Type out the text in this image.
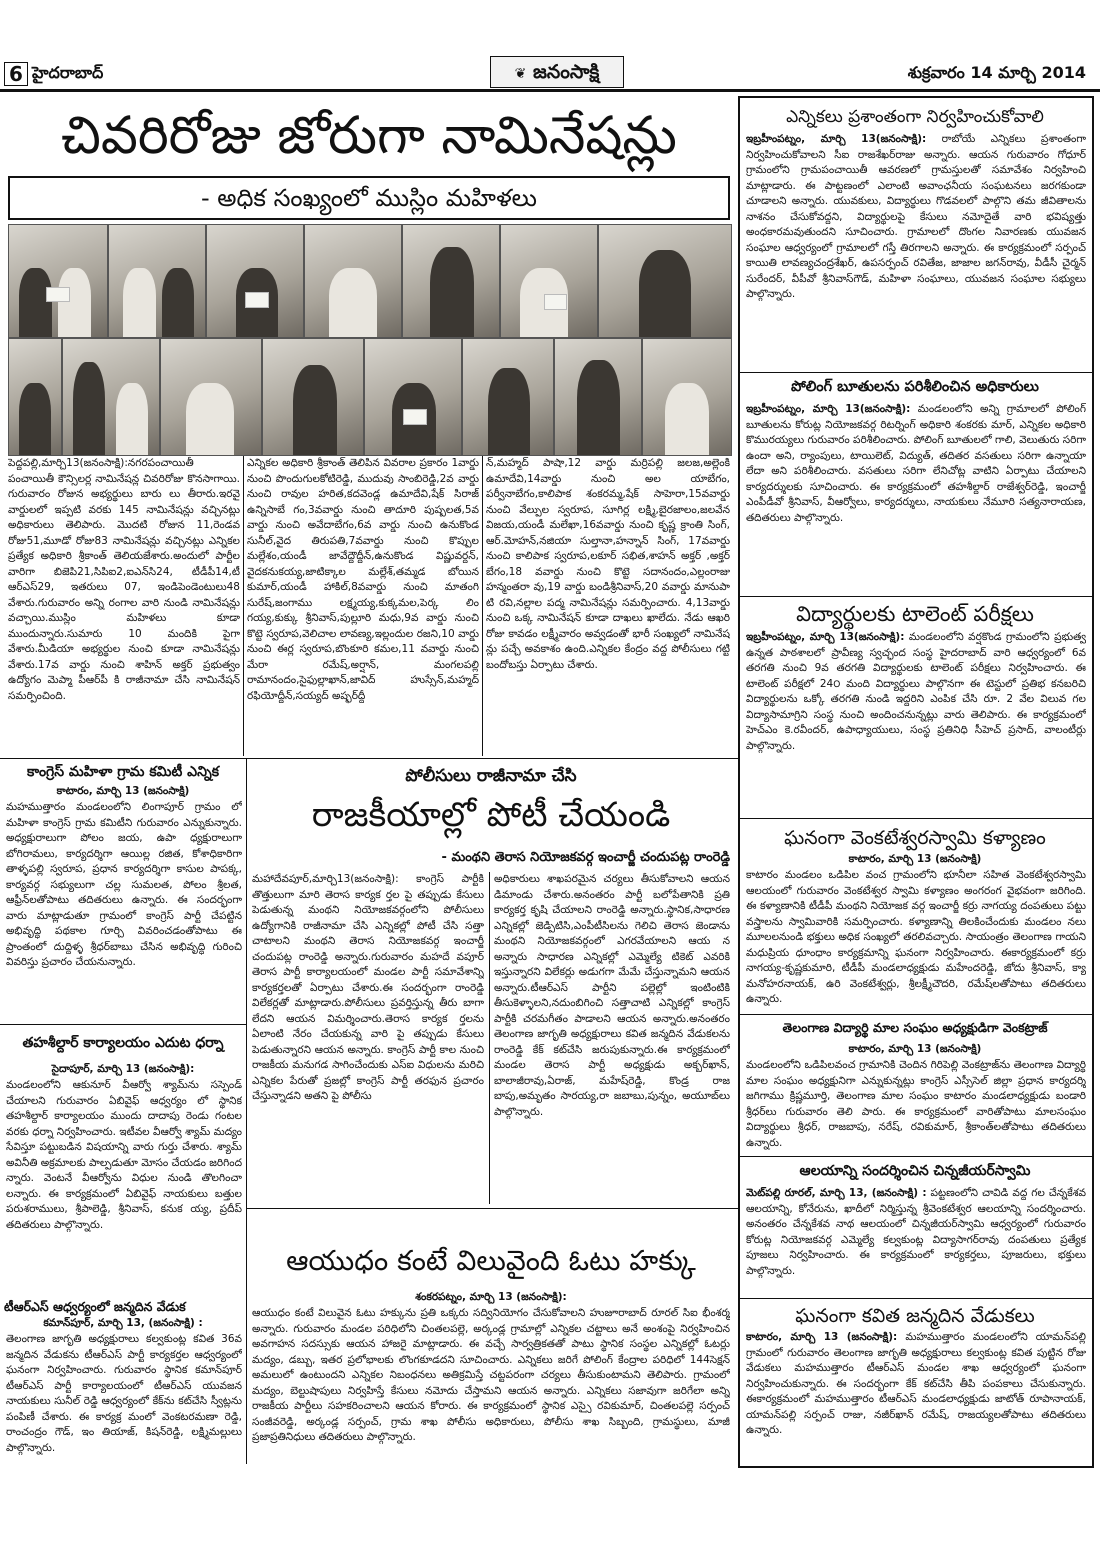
6 హైదరాబాద్	❦ జనంసాక్షి	శుక్రవారం 14 మార్చి 2014
చివరిరోజు జోరుగా నామినేషన్లు
- అధిక సంఖ్యంలో ముస్లిం మహిళలు
పెద్దపల్లి,మార్చి13(జనంసాక్షి):నగరపంచాయితీ పంచాయితీ కౌన్సిలర్ల నామినేషన్ల చివరిరోజు కొనసాగాయి. గురువారం రోజున అభ్యర్థులు బారు లు తీరారు.ఇరవై వార్డులలో ఇప్పటి వరకు 145 నామినేషన్లు వచ్చినట్లు అధికారులు తెలిపారు. మొదటి రోజున 11,రెండవ రోజు51,మూడో రోజు83 నామినేషన్లు వచ్చినట్లు ఎన్నికల ప్రత్యేక అధికారి శ్రీకాంత్ తెలియజేశారు.అందులో పార్టీల వారిగా బిజెపి21,సిపిఐ2,ఐఎన్‌సి24, టీడీపీ14,టీ ఆర్ఎస్29, ఇతరులు 07, ఇండిపెండెంటులు48 వేశారు.గురువారం అన్ని రంగాల వారి నుండి నామినేషన్లు వచ్చాయి.ముస్లిం మహిళలు కూడా ముందున్నారు.సుమారు 10 మందికి పైగా వేశారు.మీడియా అభ్యర్థుల నుంచి కూడా నామినేషన్లు వేశారు.17వ వార్డు నుంచి శాహిన్ అక్తర్ ప్రభుత్వం ఉద్యోగం మెప్మా పీఆర్‌పీ కి రాజీనామా చేసి నామినేషన్ సమర్పించింది.
ఎన్నికల అధికారి శ్రీకాంత్ తెలిపిన వివరాల ప్రకారం 1వార్డు నుంచి పొందుగులకోటిరెడ్డి, ముదువు సాంబిరెడ్డి,2వ వార్డు నుంచి రావుల హరిత,కదవెండ్ల ఉమాదేవి,షేక్ సిరాజ్ ఉన్నిసాబే గం,3వవార్డు నుంచి తాదూరి పుష్పలత,5వ వార్డు నుంచి అవేదాబేగం,6వ వార్డు నుంచి ఉనుకొండ సునీల్,వైద తిరుపతి,7వవార్డు నుంచి కొప్పుల మల్లేశం,యండీ జావేద్దౌద్దీన్,ఉనుకొండ విష్ణువర్దన్, వైదకనుకయ్య,జాటిక్కాల మల్లేశ్,తమ్మడ బోయిన కుమార్,యండీ హాకిల్,8వవార్డు నుంచి మాతంగి సురేష్,జంగాము లక్ష్మయ్య,కుక్కమల,పెర్క లిం గయ్య,కుక్కు శ్రీనివాస్,పుల్లూరి మధు,9వ వార్డు నుంచి కొట్టె స్వరూప,వెలిచాల లావణ్య,ఇల్లందుల రజని,10 వార్డు నుంచి ఈర్ల స్వరూప,బొంకూరి కమల,11 వవార్డు నుంచి మేరా రమేష్,అర్షాన్, మంగలపల్లి రామానందం,సైఫుల్లాఖాన్,జావిద్ హుస్సేన్,మహ్మద్ రఫియోద్దీన్,సయ్యద్ అష్ఫర్‌ద్దీ
న్,మహ్మద్ పాషా,12 వార్డు మర్రిపల్లి జలజ,అల్లెంకి ఉమాదేవి,14వార్డు నుంచి అల యాబేగం, పర్వీనాబేగం,కాలిపాక శంకరమ్మ,షేక్ సాహెరా,15వవార్డు నుంచి వేల్పుల స్వరూప, సూగిర్ల లక్ష్మి,బైరజాలం,జలవేన విజయ,యండీ మలేఖా,16వవార్డు నుంచి కృష్ణ క్రాంతి సింగ్, ఆర్.మోహన్,నజియా సుల్తానా,హన్నాన్ సింగ్, 17వవార్డు నుంచి కాలిపాక స్వరూప,లకూర్ సభిత,శాహన్ అక్తర్ ,అక్తర్ బేగం,18 వవార్డు నుంచి కొట్టె సదానందం,ఎల్లంరాజు హన్మంతరా వు,19 వార్డు బండిశ్రీనివాస్,20 వవార్డు మానుపా టి రవి,నల్లాల పద్మ నామినేషన్లు సమర్పించారు. 4,13వార్డు నుంచి ఒక్క నామినేషన్ కూడా దాఖలు ఖాలేదు. నేడు ఆఖరి రోజు కావడం లక్ష్మీవారం అవ్వడంతో భారీ సంఖ్యలో నామినేష న్లు పచ్చే అవకాశం ఉంది.ఎన్నికల కేంద్రం వద్ద పోలీసులు గట్టి బందోబస్తు ఏర్పాటు చేశారు.
కాంగ్రెస్ మహిళా గ్రామ కమిటీ ఎన్నిక
కాటారం, మార్చి 13 (జనంసాక్షి)
మహముత్తారం మండలంలోని లింగాపూర్ గ్రామం లో మహిళా కాంగ్రెస్ గ్రామ కమిటీని గురువారం ఎన్నుకున్నారు. అధ్యక్షురాలుగా పోలం జయ, ఉపా ధ్యక్షురాలుగా బోగిరామలు, కార్యదర్శిగా ఆయిల్ల రజిత, కోశాధికారిగా తాళ్ళపల్లి స్వరూప, ప్రధాన కార్యదర్శిగా కాసుల పాపక్క, కార్యవర్గ సభ్యులుగా చల్ల సుమలత, పోలం శ్రీలత, ఆఫ్రీన్‌లతోపాటు తదితరులు ఉన్నారు. ఈ సందర్భంగా వారు మాట్లాడుతూ గ్రామంలో కాంగ్రెస్ పార్టీ చేపట్టిన అభివృద్ధి పథకాల గూర్చి వివరించడంతోపాటు ఈ ప్రాంతంలో దుద్దిళ్ళ శ్రీధర్‌బాబు చేసిన అభివృద్ధి గురించి వివరిస్తు ప్రచారం చేయనున్నారు.
తహశీల్దార్ కార్యాలయం ఎదుట ధర్నా
సైదాపూర్, మార్చి 13 (జనంసాక్షి):
మండలంలోని ఆకునూర్ వీఆర్వో శ్యామ్‌ను సస్పెండ్ చేయాలని గురువారం ఏబివైఫ్ ఆధ్వర్యం లో స్థానిక తహశీల్దార్ కార్యాలయం ముందు దాదాపు రెండు గంటల వరకు ధర్నా నిర్వహించారు. ఇటీవల వీఆర్వో శ్యామ్ మద్యం సేవిస్తూ పట్టుబడిన విషయాన్ని వారు గుర్తు చేశారు. శ్యామ్ అవినీతి అక్రమాలకు పాల్పడుతూ మోసం చేయడం జరిగింద న్నారు. వెంటనే వీఆర్వోను విధుల నుండి తొలగించా లన్నారు. ఈ కార్యక్రమంలో ఏబివైఫ్ నాయకులు బత్తుల పరుశరాములు, శ్రీపాలెడ్డి, శ్రీనివాస్, కనుక య్య, ప్రదీప్ తదితరులు పాల్గొన్నారు.
టీఆర్ఎస్ ఆధ్వర్యంలో జన్మదిన వేడుక
కమాన్‌పూర్, మార్చి 13, (జనంసాక్షి) :
తెలంగాణ జాగృతి అధ్యక్షురాలు కల్వకుంట్ల కవిత 36వ జన్మదిన వేడుకను టీఆర్ఎస్ పార్టీ కార్యకర్తల ఆధ్వర్యంలో ఘనంగా నిర్వహించారు. గురువారం స్థానిక కమాన్‌పూర్ టీఆర్ఎస్ పార్టీ కార్యాలయంలో టీఆర్ఎస్ యువజన నాయకులు సునీల్ రెడ్డి ఆధ్వర్యంలో కేక్‌ను కట్‌చేసి స్వీట్లను పంపిణీ చేశారు. ఈ కార్యక్ర మంలో వెంకటరమణా రెడ్డి, రాంచంద్రం గౌడ్, ఇం తియాజ్, కిషన్‌రెడ్డి, లక్ష్మిమల్లులు పాల్గొన్నారు.
పోలీసులు రాజీనామా చేసి
రాజకీయాల్లో పోటీ చేయండి
- మంథని తెరాస నియోజకవర్గ ఇంచార్జీ చందుపట్ల రాంరెడ్డి
మహాదేవపూర్,మార్చి13(జనంసాక్షి): కాంగ్రెస్ పార్టీకి తొత్తులుగా మారి తెరాస కార్యక ర్తల పై తప్పుడు కేసులు పెడుతున్న మంథని నియోజకవర్గంలోని పోలీసులు ఉద్యోగానికి రాజీనామా చేసి ఎన్నికల్లో పోటీ చేసి సత్తా చాటాలని మంథని తెరాస నియోజకవర్గ ఇంచార్జీ చందుపట్ల రాంరెడ్డి అన్నారు.గురువారం మహదే వపూర్ తెరాస పార్టీ కార్యాలయంలో మండల పార్టీ సమావేశాన్ని కార్యకర్తలతో ఏర్పాటు చేశారు.ఈ సందర్భంగా రాంరెడ్డి విలేకర్లతో మాట్లాడారు.పోలీసులు ప్రవర్తిస్తున్న తీరు బాగా లేదని ఆయన విమర్శించారు.తెరాస కార్యక ర్తలను ఏలాంటి నేరం చేయకున్న వారి పై తప్పుడు కేసులు పెడుతున్నారని ఆయన అన్నారు. కాంగ్రెస్ పార్టీ కాల నుంచి రాజకీయ మనుగడ సాగించేందుకు ఎస్ఐ విధులను మరిచి ఎన్నికల పేరుతో ప్రజల్లో కాంగ్రెస్ పార్టీ తరఫున ప్రచారం చేస్తున్నాడని అతని పై పోలీసు
అధికారులు శాఖపరమైన చర్యలు తీసుకోవాలని ఆయన డిమాండు చేశారు.అనంతరం పార్టీ బలోపేతానికి ప్రతి కార్యకర్త కృషి చేయాలని రాంరెడ్డి అన్నారు.స్థానిక,సాధారణ ఎన్నికల్లో జెడ్పిటిసి,ఎంపీటీసిలను గెలిచి తెరాస జెండాను మంథని నియోజకవర్గంలో ఎగరవేయాలని ఆయ న అన్నారు సాధారణ ఎన్నికల్లో ఎమ్మెల్యే టికెట్ ఎవరికి ఇస్తున్నారని విలేకర్లు అడుగగా మేమే చేస్తున్నామని ఆయన అన్నారు.టీఆర్ఎస్ పార్టీని పల్లెల్లో ఇంటింటికి తీసుకెళ్ళాలని,నదుంబిగించి సత్తాచాటి ఎన్నికల్లో కాంగ్రెస్ పార్టీకి చరమగీతం పాడాలని ఆయన అన్నారు.అనంతరం తెలంగాణ జాగృతి అధ్యక్షురాలు కవిత జన్మదిన వేడుకలను రాంరెడ్డి కేక్ కట్‌చేసి జరుపుకున్నారు.ఈ కార్యక్రమంలో మండల తెరాస పార్టీ అధ్యక్షుడు అక్బర్‌ఖాన్, బాలాజీరావు,ఏరాజ్, మహేష్‌రెడ్డి, కొండ్ర రాజ బాపు,అమృతం సారయ్య,రా జబాబు,పున్నం, అయూబ్‌లు పాల్గొన్నారు.
ఆయుధం కంటే విలువైంది ఓటు హక్కు
శంకరపట్నం, మార్చి 13 (జనంసాక్షి):
ఆయుధం కంటే విలువైన ఓటు హక్కును ప్రతి ఒక్కరు సద్వినియోగం చేసుకోవాలని హుజూరాబాద్ రూరల్ సిఐ భీంశర్మ అన్నారు. గురువారం మండల పరిధిలోని చింతలపల్లె, అర్కండ్ల గ్రామాల్లో ఎన్నికల చట్టాలు అనే అంశంపై నిర్వహించిన అవగాహన సదస్సుకు ఆయన హాజరై మాట్లాడారు. ఈ వచ్చే సార్వత్రికతతో పాటు స్థానిక సంస్థల ఎన్నికల్లో ఓటర్లు మద్యం, డబ్బు, ఇతర ప్రలోభాలకు లొంగకూడదని సూచించారు. ఎన్నికలు జరిగే పోలింగ్ కేంద్రాల పరిధిలో 144సెక్షన్ అమలులో ఉంటుందని ఎన్నికల నిబంధనలు అతిక్రమిస్తే చట్టపరంగా చర్యలు తీసుకుంటామని తెలిపారు. గ్రామంలో మద్యం, బెల్టుషాపులు నిర్వహిస్తే కేసులు నమోదు చేస్తామని ఆయన అన్నారు. ఎన్నికలు సజావుగా జరిగేలా అన్ని రాజకీయ పార్టీలు సహకరించాలని ఆయన కోరారు. ఈ కార్యక్రమంలో స్థానిక ఎస్సై రవికుమార్, చింతలపల్లె సర్పంచ్ సంజీవరెడ్డి, అర్కండ్ల సర్పంచ్, గ్రామ శాఖ పోలీసు అధికారులు, పోలీసు శాఖ సిబ్బంది, గ్రామస్థులు, మాజీ ప్రజాప్రతినిధులు తదితరులు పాల్గొన్నారు.
ఎన్నికలు ప్రశాంతంగా నిర్వహించుకోవాలి
ఇబ్రహీంపట్నం, మార్చి 13(జనంసాక్షి): రాబోయే ఎన్నికలు ప్రశాంతంగా నిర్వహించుకోవాలని సీఐ రాజశేఖర్‌రాజు అన్నారు. ఆయన గురువారం గోధూర్ గ్రామంలోని గ్రామపంచాయితీ ఆవరణలో గ్రామస్తులతో సమావేశం నిర్వహించి మాట్లాడారు. ఈ పాట్టణంలో ఎలాంటి అవాంఛనీయ సంఘటనలు జరగకుండా చూడాలని అన్నారు. యువకులు, విద్యార్థులు గొడవలలో పాల్గొని తమ జీవితాలను నాశనం చేసుకోవద్దని, విద్యార్థులపై కేసులు నమోదైతే వారి భవిష్యత్తు అంధకారమవుతుందని సూచించారు. గ్రామాలలో దొంగల నివారణకు యువజన సంఘాల ఆధ్వర్యంలో గ్రామాలలో గస్తీ తిరగాలని అన్నారు. ఈ కార్యక్రమంలో సర్పంచ్ కాయితి లావణ్యచంద్రశేఖర్, ఉపసర్పంచ్ రవితేజ, జాజాల జగన్‌రావు, వీడీసీ చైర్మన్ సురేందర్, వీపీవో శ్రీనివాస్‌గౌడ్, మహిళా సంఘాలు, యువజన సంఘాల సభ్యులు పాల్గొన్నారు.
పోలింగ్ బూతులను పరిశీలించిన అధికారులు
ఇబ్రహీంపట్నం, మార్చి 13(జనంసాక్షి): మండలంలోని అన్ని గ్రామాలలో పోలింగ్ బూతులను కోరుట్ల నియోజకవర్గ రిటర్నింగ్ అధికారి శంకరకు మార్, ఎన్నికల అధికారి కొమురయ్యలు గురువారం పరిశీలించారు. పోలింగ్ బూతులలో గాలి, వెలుతురు సరిగా ఉందా అని, ర్యాంపులు, టాయిలెట్, విద్యుత్, తదితర వసతులు సరిగా ఉన్నాయా లేదా అని పరిశీలించారు. వసతులు సరిగా లేనిచోట్ల వాటిని ఏర్పాటు చేయాలని కార్యదర్శులకు సూచించారు. ఈ కార్యక్రమంలో తహశీల్దార్ రాజేశ్వర్‌రెడ్డి, ఇంచార్జీ ఎంపీడీవో శ్రీనివాస్, వీఆర్వోలు, కార్యదర్శులు, నాయకులు నేమూరి సత్యనారాయణ, తదితరులు పాల్గొన్నారు.
విద్యార్థులకు టాలెంట్ పరీక్షలు
ఇబ్రహీంపట్నం, మార్చి 13(జనంసాక్షి): మండలంలోని వర్షకొండ గ్రామంలోని ప్రభుత్వ ఉన్నత పాఠశాలలో ప్రావీణ్య స్వచ్ఛంద సంస్థ హైదరాబాద్ వారి ఆధ్వర్యంలో 6వ తరగతి నుంచి 9వ తరగతి విద్యార్థులకు టాలెంట్ పరీక్షలు నిర్వహించారు. ఈ టాలెంట్ పరీక్షలో 24౦ మంది విద్యార్థులు పాల్గొనగా ఈ టెస్టులో ప్రతిభ కనబరిచి విద్యార్థులను ఒక్కో తరగతి నుండి ఇద్దరిని ఎంపిక చేసి రూ. 2 వేల విలువ గల విద్యాసామాగ్రిని సంస్థ నుంచి అందించనున్నట్లు వారు తెలిపారు. ఈ కార్యక్రమంలో హెచ్ఎం కె.రవీందర్, ఉపాధ్యాయులు, సంస్థ ప్రతినిధి సీహెచ్ ప్రసాద్, వాలంటీర్లు పాల్గొన్నారు.
ఘనంగా వెంకటేశ్వరస్వామి కళ్యాణం
కాటారం, మార్చి 13 (జనంసాక్షి)
కాటారం మండలం ఒడిపిల వంచ గ్రామంలోని భూనీలా సహిత వెంకటేశ్వరస్వామి ఆలయంలో గురువారం వెంకటేశ్వర స్వామి కళ్యాణం అంగరంగ వైభవంగా జరిగింది. ఈ కళ్యాణానికి టీడీపీ మంథని నియోజక వర్గ ఇంచార్జీ కర్రు నాగయ్య దంపతులు పట్టు వస్త్రాలను స్వామివారికి సమర్పించారు. కళ్యాణాన్ని తిలకించేందుకు మండలం నలు మూలలనుండి భక్తులు అధిక సంఖ్యలో తరలివచ్చారు. సాయంత్రం తెలంగాణ గాయని మధుప్రియ ధూంధాం కార్యక్రమాన్ని ఘనంగా నిర్వహించారు. ఈకార్యక్రమంలో కర్రు నాగయ్య-కృష్ణకుమారి, టీడీపీ మండలాధ్యక్షుడు మహేందరెడ్డి, జోదు శ్రీనివాస్, క్యా మనోహరనాయక్, ఉరి వెంకటేశ్వర్లు, శ్రీలక్ష్మీచౌదరి, రమేష్‌లతోపాటు తదితరులు ఉన్నారు.
తెలంగాణ విద్యార్థి మాల సంఘం అధ్యక్షుడిగా వెంకట్రాజ్
కాటారం, మార్చి 13 (జనంసాక్షి)
మండలంలోని ఒడిపిలవంచ గ్రామానికి చెందిన గిరిపెల్లి వెంకట్రాజ్‌ను తెలంగాణ విద్యార్థి మాల సంఘం అధ్యక్షునిగా ఎన్నుకున్నట్లు కాంగ్రెస్ ఎస్సీసెల్ జిల్లా ప్రధాన కార్యదర్శి జగిగాము క్రిష్ణమూర్తి, తెలంగాణ మాల సంఘం కాటారం మండలాధ్యక్షుడు బండారి శ్రీధర్‌లు గురువారం తెలి పారు. ఈ కార్యక్రమంలో వారితోపాటు మాలసంఘం విద్యార్థులు శ్రీధర్, రాజబాపు, నరేష్, రవికుమార్, శ్రీకాంత్‌లతోపాటు తదితరులు ఉన్నారు.
ఆలయాన్ని సందర్శించిన చిన్నజీయర్‌స్వామి
మెట్‌పల్లి రూరల్, మార్చి 13, (జనంసాక్షి) : పట్టణంలోని చావిడి వద్ద గల చేన్నకేశవ ఆలయాన్ని, కోనేరును, ఖాదీలో నిర్మిస్తున్న శ్రీవెంకటేశ్వర ఆలయాన్ని సందర్శించారు. అనంతరం చేన్నకేశవ నాథ ఆలయంలో చిన్నజీయర్‌స్వామి ఆధ్వర్యంలో గురువారం కోరుట్ల నియోజకవర్గ ఎమ్మెల్యే కల్వకుంట్ల విద్యాసాగర్‌రావు దంపతులు ప్రత్యేక పూజలు నిర్వహించారు. ఈ కార్యక్రమంలో కార్యకర్తలు, పూజరులు, భక్తులు పాల్గొన్నారు.
ఘనంగా కవిత జన్మదిన వేడుకలు
కాటారం, మార్చి 13 (జనంసాక్షి): మహముత్తారం మండలంలోని యామన్‌పల్లి గ్రామంలో గురువారం తెలంగాణ జాగృతి అధ్యక్షురాలు కల్వకుంట్ల కవిత పుట్టిన రోజు వేడుకలు మహముత్తారం టీఆర్ఎస్ మండల శాఖ ఆధ్వర్యంలో ఘనంగా నిర్వహించుకున్నారు. ఈ సందర్భంగా కేక్ కట్‌చేసి తీపి పంపకాలు చేసుకున్నారు. ఈకార్యక్రమంలో మహముత్తారం టీఆర్ఎస్ మండలాధ్యక్షుడు జాటోత్ రూపానాయక్, యామన్‌పల్లి సర్పంచ్ రాజు, నజీర్‌ఖాన్ రమేష్, రాజయ్యలతోపాటు తదితరులు ఉన్నారు.
